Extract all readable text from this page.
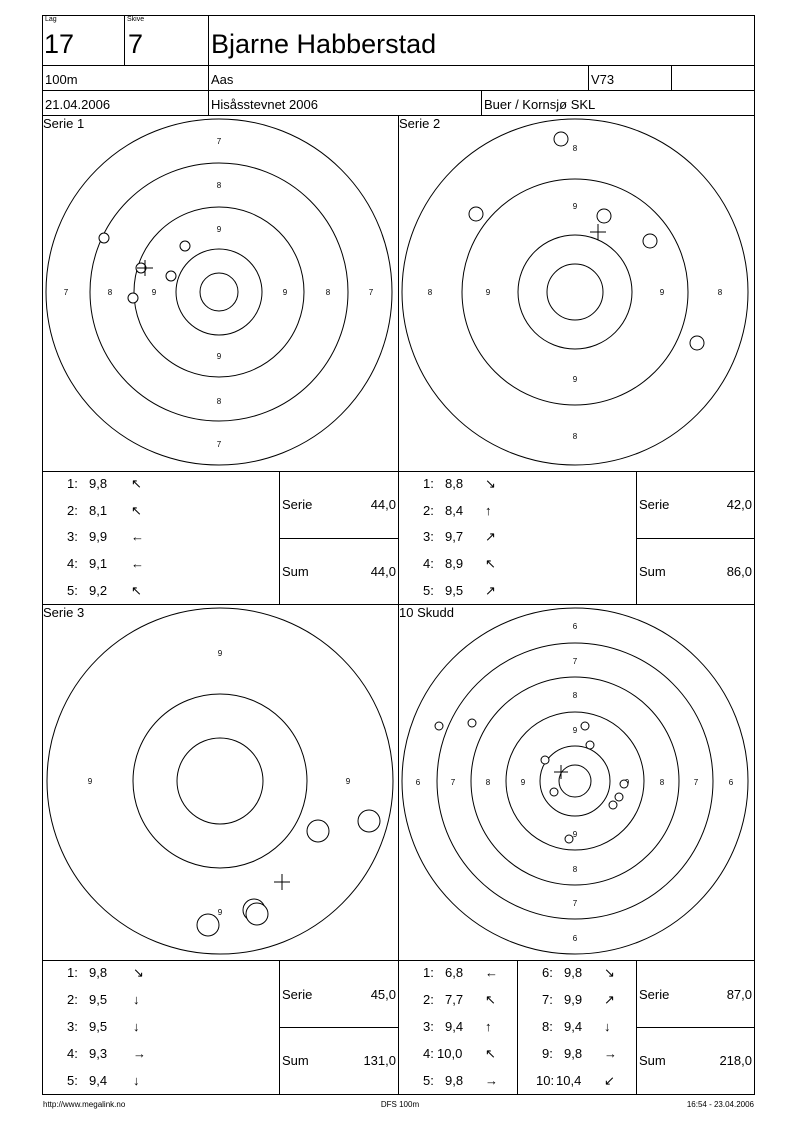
Lag
17
Skive
7	Bjarne Habberstad
100m	Aas	V73
21.04.2006	Hisåsstevnet 2006	Buer / Kornsjø SKL
Serie 1
7
8
9
9
8
7
7	8	9	9	8	7
1: 9,8 ↖
2: 8,1 ↖
3: 9,9 ←
4: 9,1 ←
5: 9,2 ↖
Serie	44,0
Sum	44,0
Serie 2
8
9
9
8
8	9	9	8
1: 8,8 ↘
2: 8,4 ↑
3: 9,7 ↗
4: 8,9 ↖
5: 9,5 ↗
Serie	42,0
Sum	86,0
Serie 3
9
9
9	9
1: 9,8 ↘
2: 9,5 ↓
3: 9,5 ↓
4: 9,3 →
5: 9,4 ↓
Serie	45,0
Sum	131,0
10 Skudd
6
7
8
9
9
8
7
6
6	7	8	9	8	7	6
1: 6,8 ←
2: 7,7 ↖
3: 9,4 ↑
4: 10,0 ↖
5: 9,8 →
6: 9,8 ↘
7: 9,9 ↗
8: 9,4 ↓
9: 9,8 →
10: 10,4 ↙
Serie	87,0
Sum	218,0
http://www.megalink.no	DFS 100m	16:54 - 23.04.2006
